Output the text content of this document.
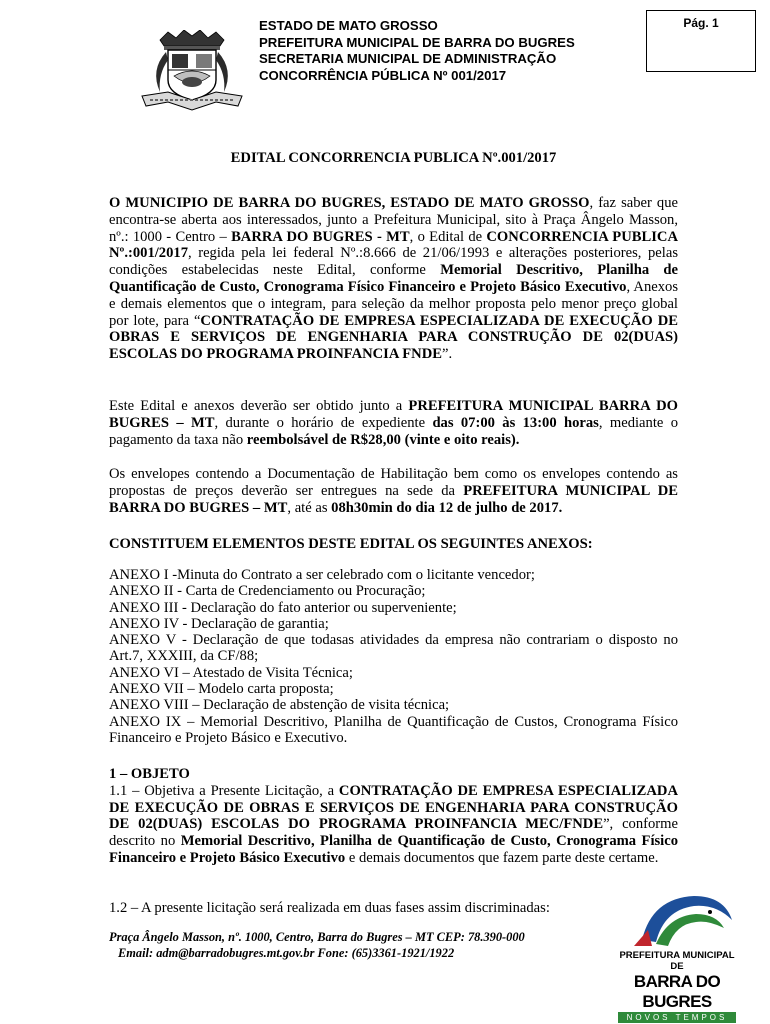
ESTADO DE MATO GROSSO
PREFEITURA MUNICIPAL DE BARRA DO BUGRES
SECRETARIA MUNICIPAL DE ADMINISTRAÇÃO
CONCORRÊNCIA PÚBLICA Nº 001/2017
Pág. 1
EDITAL CONCORRENCIA PUBLICA Nº.001/2017

O MUNICIPIO DE BARRA DO BUGRES, ESTADO DE MATO GROSSO, faz saber que encontra-se aberta aos interessados, junto a Prefeitura Municipal, sito à Praça Ângelo Masson, nº.: 1000 - Centro – BARRA DO BUGRES - MT, o Edital de CONCORRENCIA PUBLICA Nº.:001/2017, regida pela lei federal Nº.:8.666 de 21/06/1993 e alterações posteriores, pelas condições estabelecidas neste Edital, conforme Memorial Descritivo, Planilha de Quantificação de Custo, Cronograma Físico Financeiro e Projeto Básico Executivo, Anexos e demais elementos que o integram, para seleção da melhor proposta pelo menor preço global por lote, para “CONTRATAÇÃO DE EMPRESA ESPECIALIZADA DE EXECUÇÃO DE OBRAS E SERVIÇOS DE ENGENHARIA PARA CONSTRUÇÃO DE 02(DUAS) ESCOLAS DO PROGRAMA PROINFANCIA FNDE”.

Este Edital e anexos deverão ser obtido junto a PREFEITURA MUNICIPAL BARRA DO BUGRES – MT, durante o horário de expediente das 07:00 às 13:00 horas, mediante o pagamento da taxa não reembolsável de R$28,00 (vinte e oito reais).

Os envelopes contendo a Documentação de Habilitação bem como os envelopes contendo as propostas de preços deverão ser entregues na sede da PREFEITURA MUNICIPAL DE BARRA DO BUGRES – MT, até as 08h30min do dia 12 de julho de 2017.

CONSTITUEM ELEMENTOS DESTE EDITAL OS SEGUINTES ANEXOS:

ANEXO I -Minuta do Contrato a ser celebrado com o licitante vencedor;

ANEXO II - Carta de Credenciamento ou Procuração;

ANEXO III - Declaração do fato anterior ou superveniente;

ANEXO IV - Declaração de garantia;

ANEXO V - Declaração de que todasas atividades da empresa não contrariam o disposto no Art.7, XXXIII, da CF/88;

ANEXO VI – Atestado de Visita Técnica;

ANEXO VII – Modelo carta proposta;

ANEXO VIII – Declaração de abstenção de visita técnica;

ANEXO IX – Memorial Descritivo, Planilha de Quantificação de Custos, Cronograma Físico Financeiro e Projeto Básico e Executivo.

1 – OBJETO

1.1 – Objetiva a Presente Licitação, a CONTRATAÇÃO DE EMPRESA ESPECIALIZADA DE EXECUÇÃO DE OBRAS E SERVIÇOS DE ENGENHARIA PARA CONSTRUÇÃO DE 02(DUAS) ESCOLAS DO PROGRAMA PROINFANCIA MEC/FNDE”, conforme descrito no Memorial Descritivo, Planilha de Quantificação de Custo, Cronograma Físico Financeiro e Projeto Básico Executivo e demais documentos que fazem parte deste certame.

1.2 – A presente licitação será realizada em duas fases assim discriminadas:
Praça Ângelo Masson, nº. 1000, Centro, Barra do Bugres – MT CEP: 78.390-000
Email: adm@barradobugres.mt.gov.br Fone: (65)3361-1921/1922	PREFEITURA MUNICIPAL DE
BARRA DO BUGRES
NOVOS TEMPOS
